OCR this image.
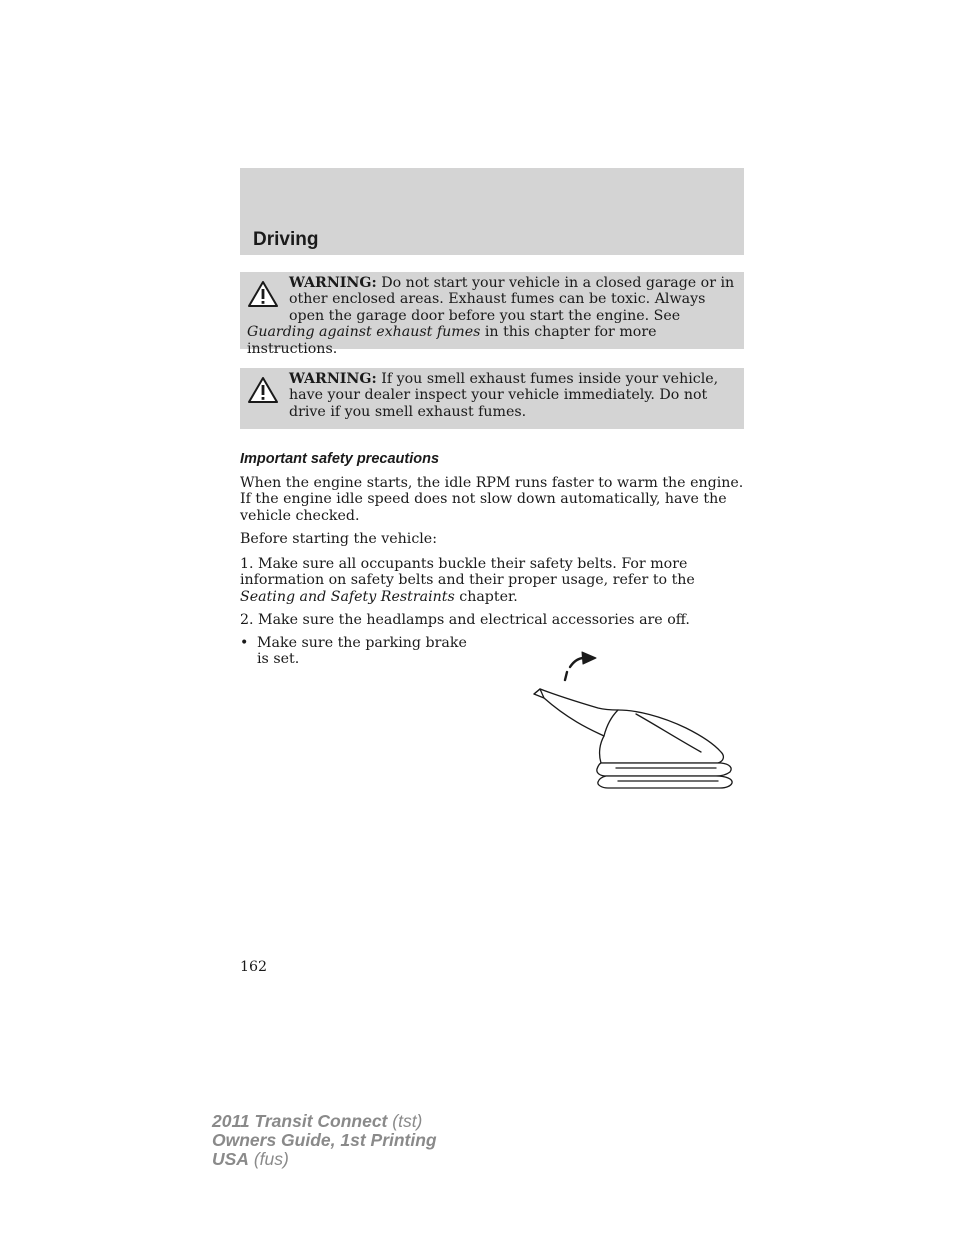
Driving
WARNING: Do not start your vehicle in a closed garage or in other enclosed areas. Exhaust fumes can be toxic. Always open the garage door before you start the engine. See Guarding against exhaust fumes in this chapter for more instructions.
WARNING: If you smell exhaust fumes inside your vehicle, have your dealer inspect your vehicle immediately. Do not drive if you smell exhaust fumes.
Important safety precautions

When the engine starts, the idle RPM runs faster to warm the engine. If the engine idle speed does not slow down automatically, have the vehicle checked.

Before starting the vehicle:

1. Make sure all occupants buckle their safety belts. For more information on safety belts and their proper usage, refer to the Seating and Safety Restraints chapter.

2. Make sure the headlamps and electrical accessories are off.

• Make sure the parking brake is set.
162
2011 Transit Connect (tst)
Owners Guide, 1st Printing
USA (fus)
